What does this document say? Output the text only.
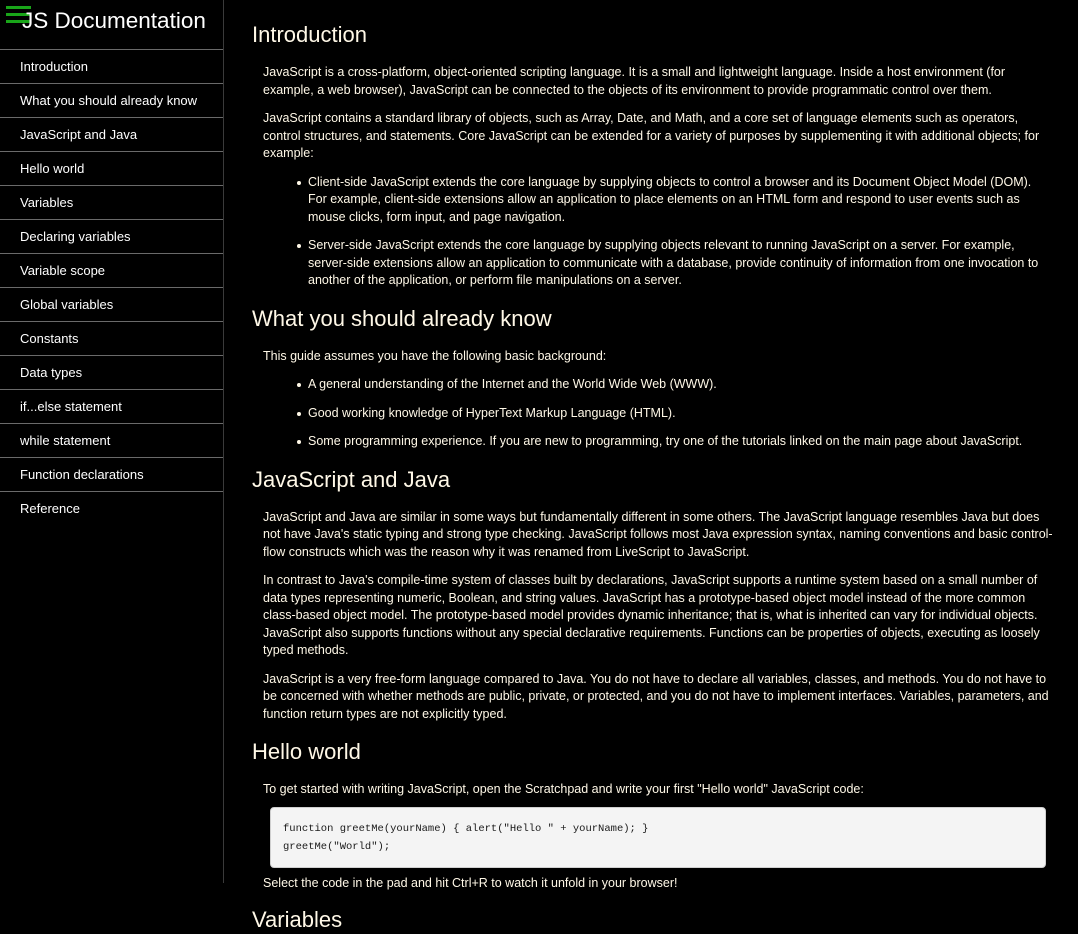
JS Documentation
Introduction
What you should already know
JavaScript and Java
Hello world
Variables
Declaring variables
Variable scope
Global variables
Constants
Data types
if...else statement
while statement
Function declarations
Reference
Introduction

JavaScript is a cross-platform, object-oriented scripting language. It is a small and lightweight language. Inside a host environment (for example, a web browser), JavaScript can be connected to the objects of its environment to provide programmatic control over them.

JavaScript contains a standard library of objects, such as Array, Date, and Math, and a core set of language elements such as operators, control structures, and statements. Core JavaScript can be extended for a variety of purposes by supplementing it with additional objects; for example:

Client-side JavaScript extends the core language by supplying objects to control a browser and its Document Object Model (DOM). For example, client-side extensions allow an application to place elements on an HTML form and respond to user events such as mouse clicks, form input, and page navigation.
Server-side JavaScript extends the core language by supplying objects relevant to running JavaScript on a server. For example, server-side extensions allow an application to communicate with a database, provide continuity of information from one invocation to another of the application, or perform file manipulations on a server.
What you should already know

This guide assumes you have the following basic background:

A general understanding of the Internet and the World Wide Web (WWW).
Good working knowledge of HyperText Markup Language (HTML).
Some programming experience. If you are new to programming, try one of the tutorials linked on the main page about JavaScript.
JavaScript and Java

JavaScript and Java are similar in some ways but fundamentally different in some others. The JavaScript language resembles Java but does not have Java's static typing and strong type checking. JavaScript follows most Java expression syntax, naming conventions and basic control-flow constructs which was the reason why it was renamed from LiveScript to JavaScript.

In contrast to Java's compile-time system of classes built by declarations, JavaScript supports a runtime system based on a small number of data types representing numeric, Boolean, and string values. JavaScript has a prototype-based object model instead of the more common class-based object model. The prototype-based model provides dynamic inheritance; that is, what is inherited can vary for individual objects. JavaScript also supports functions without any special declarative requirements. Functions can be properties of objects, executing as loosely typed methods.

JavaScript is a very free-form language compared to Java. You do not have to declare all variables, classes, and methods. You do not have to be concerned with whether methods are public, private, or protected, and you do not have to implement interfaces. Variables, parameters, and function return types are not explicitly typed.

Hello world

To get started with writing JavaScript, open the Scratchpad and write your first "Hello world" JavaScript code:

function greetMe(yourName) { alert("Hello " + yourName); }
greetMe("World");

Select the code in the pad and hit Ctrl+R to watch it unfold in your browser!

Variables
